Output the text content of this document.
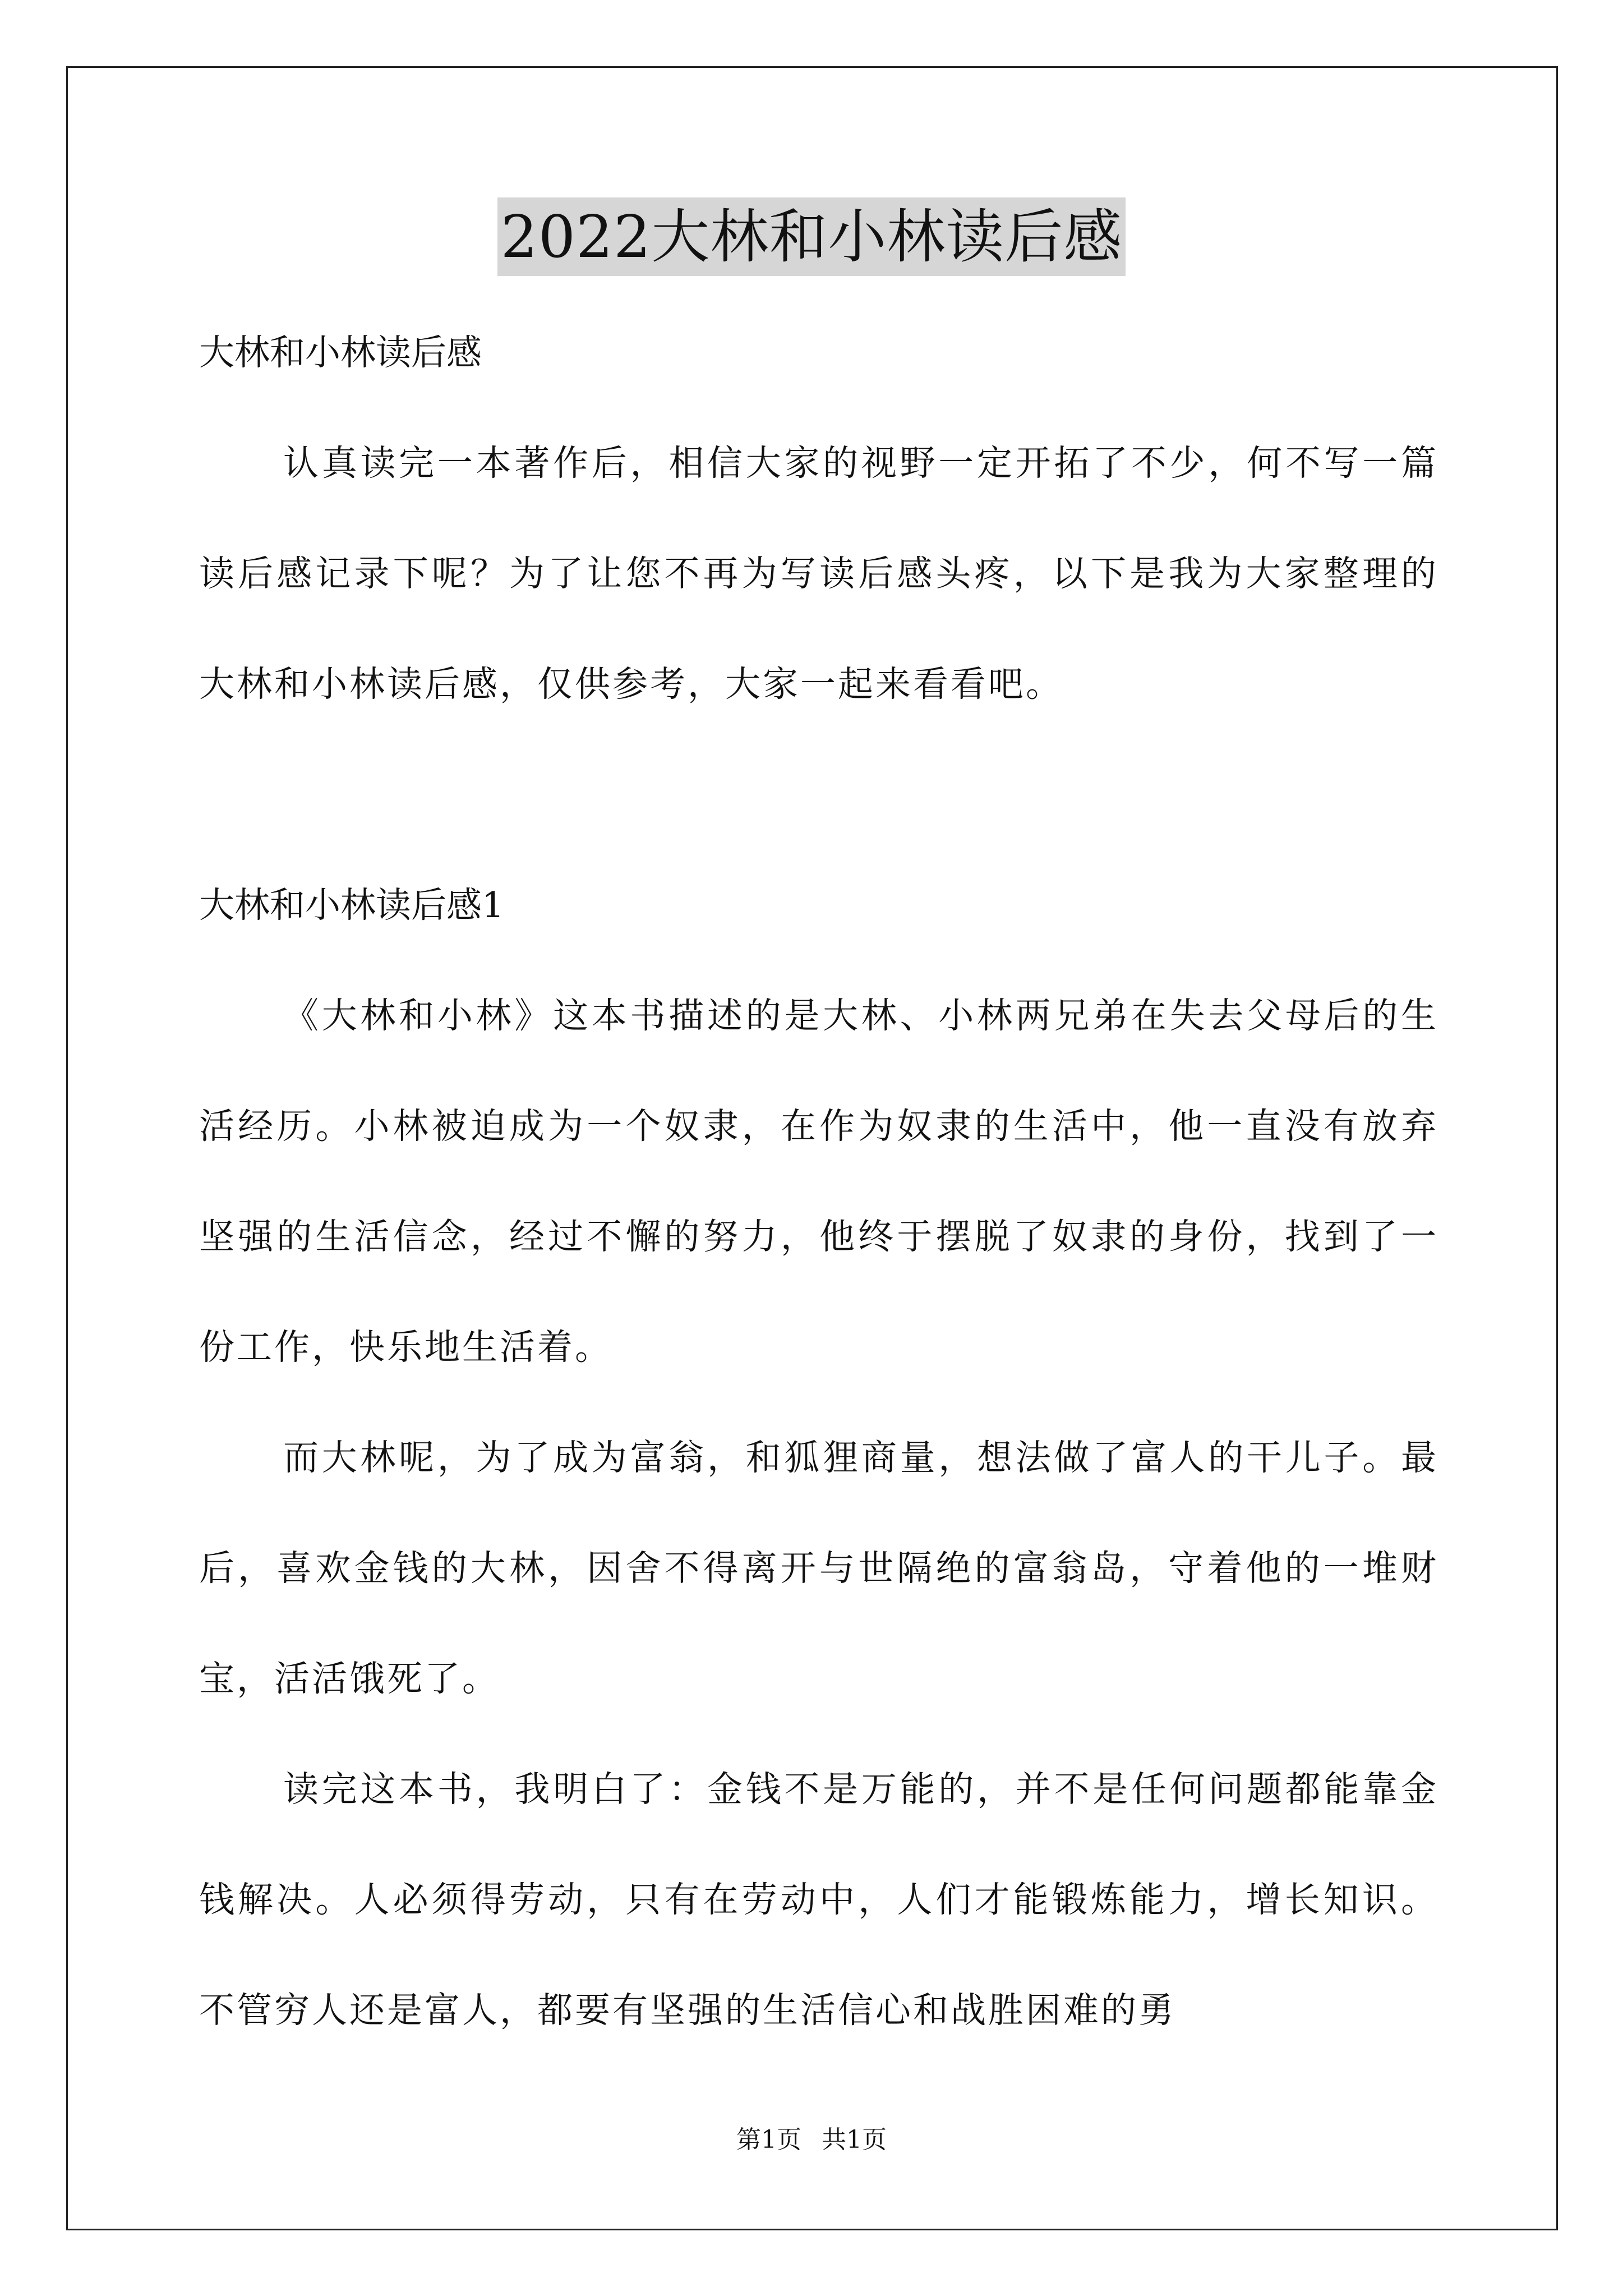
2022大林和小林读后感

大林和小林读后感

认真读完一本著作后，相信大家的视野一定开拓了不少，何不写一篇读后感记录下呢？为了让您不再为写读后感头疼，以下是我为大家整理的大林和小林读后感，仅供参考，大家一起来看看吧。

大林和小林读后感1

《大林和小林》这本书描述的是大林、小林两兄弟在失去父母后的生活经历。小林被迫成为一个奴隶，在作为奴隶的生活中，他一直没有放弃坚强的生活信念，经过不懈的努力，他终于摆脱了奴隶的身份，找到了一份工作，快乐地生活着。

而大林呢，为了成为富翁，和狐狸商量，想法做了富人的干儿子。最后，喜欢金钱的大林，因舍不得离开与世隔绝的富翁岛，守着他的一堆财宝，活活饿死了。

读完这本书，我明白了：金钱不是万能的，并不是任何问题都能靠金钱解决。人必须得劳动，只有在劳动中，人们才能锻炼能力，增长知识。不管穷人还是富人，都要有坚强的生活信心和战胜困难的勇

第1页 共1页
